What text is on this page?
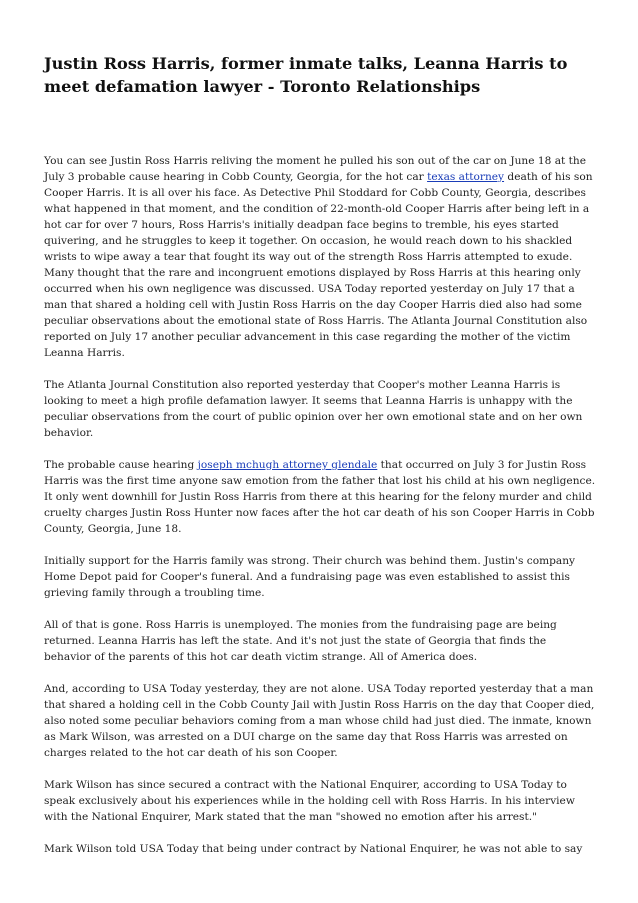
Justin Ross Harris, former inmate talks, Leanna Harris to meet defamation lawyer - Toronto Relationships

You can see Justin Ross Harris reliving the moment he pulled his son out of the car on June 18 at the July 3 probable cause hearing in Cobb County, Georgia, for the hot car texas attorney death of his son Cooper Harris. It is all over his face. As Detective Phil Stoddard for Cobb County, Georgia, describes what happened in that moment, and the condition of 22-month-old Cooper Harris after being left in a hot car for over 7 hours, Ross Harris's initially deadpan face begins to tremble, his eyes started quivering, and he struggles to keep it together. On occasion, he would reach down to his shackled wrists to wipe away a tear that fought its way out of the strength Ross Harris attempted to exude. Many thought that the rare and incongruent emotions displayed by Ross Harris at this hearing only occurred when his own negligence was discussed. USA Today reported yesterday on July 17 that a man that shared a holding cell with Justin Ross Harris on the day Cooper Harris died also had some peculiar observations about the emotional state of Ross Harris. The Atlanta Journal Constitution also reported on July 17 another peculiar advancement in this case regarding the mother of the victim Leanna Harris.

The Atlanta Journal Constitution also reported yesterday that Cooper's mother Leanna Harris is looking to meet a high profile defamation lawyer. It seems that Leanna Harris is unhappy with the peculiar observations from the court of public opinion over her own emotional state and on her own behavior.

The probable cause hearing joseph mchugh attorney glendale that occurred on July 3 for Justin Ross Harris was the first time anyone saw emotion from the father that lost his child at his own negligence. It only went downhill for Justin Ross Harris from there at this hearing for the felony murder and child cruelty charges Justin Ross Hunter now faces after the hot car death of his son Cooper Harris in Cobb County, Georgia, June 18.

Initially support for the Harris family was strong. Their church was behind them. Justin's company Home Depot paid for Cooper's funeral. And a fundraising page was even established to assist this grieving family through a troubling time.

All of that is gone. Ross Harris is unemployed. The monies from the fundraising page are being returned. Leanna Harris has left the state. And it's not just the state of Georgia that finds the behavior of the parents of this hot car death victim strange. All of America does.

And, according to USA Today yesterday, they are not alone. USA Today reported yesterday that a man that shared a holding cell in the Cobb County Jail with Justin Ross Harris on the day that Cooper died, also noted some peculiar behaviors coming from a man whose child had just died. The inmate, known as Mark Wilson, was arrested on a DUI charge on the same day that Ross Harris was arrested on charges related to the hot car death of his son Cooper.

Mark Wilson has since secured a contract with the National Enquirer, according to USA Today to speak exclusively about his experiences while in the holding cell with Ross Harris. In his interview with the National Enquirer, Mark stated that the man "showed no emotion after his arrest."

Mark Wilson told USA Today that being under contract by National Enquirer, he was not able to say
